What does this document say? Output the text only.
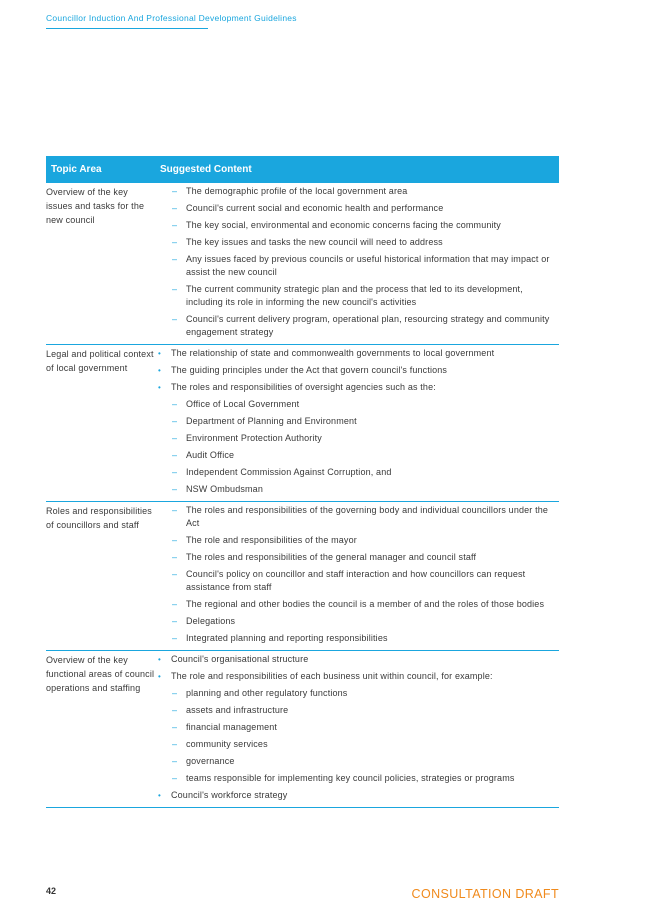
Councillor Induction And Professional Development Guidelines
Topic Area	Suggested Content
Overview of the key issues and tasks for the new council
– The demographic profile of the local government area
– Council's current social and economic health and performance
– The key social, environmental and economic concerns facing the community
– The key issues and tasks the new council will need to address
– Any issues faced by previous councils or useful historical information that may impact or assist the new council
– The current community strategic plan and the process that led to its development, including its role in informing the new council's activities
– Council's current delivery program, operational plan, resourcing strategy and community engagement strategy
Legal and political context of local government
• The relationship of state and commonwealth governments to local government
• The guiding principles under the Act that govern council's functions
• The roles and responsibilities of oversight agencies such as the:
– Office of Local Government
– Department of Planning and Environment
– Environment Protection Authority
– Audit Office
– Independent Commission Against Corruption, and
– NSW Ombudsman
Roles and responsibilities of councillors and staff
– The roles and responsibilities of the governing body and individual councillors under the Act
– The role and responsibilities of the mayor
– The roles and responsibilities of the general manager and council staff
– Council's policy on councillor and staff interaction and how councillors can request assistance from staff
– The regional and other bodies the council is a member of and the roles of those bodies
– Delegations
– Integrated planning and reporting responsibilities
Overview of the key functional areas of council operations and staffing
• Council's organisational structure
• The role and responsibilities of each business unit within council, for example:
– planning and other regulatory functions
– assets and infrastructure
– financial management
– community services
– governance
– teams responsible for implementing key council policies, strategies or programs
• Council's workforce strategy
42	CONSULTATION DRAFT
